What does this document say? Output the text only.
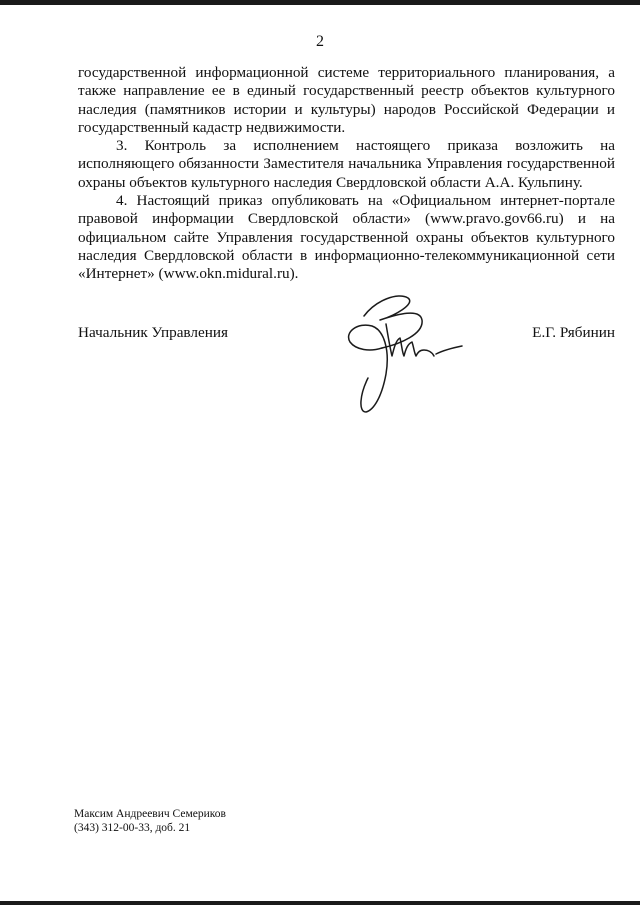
2

государственной информационной системе территориального планирования, а также направление ее в единый государственный реестр объектов культурного наследия (памятников истории и культуры) народов Российской Федерации и государственный кадастр недвижимости.

3. Контроль за исполнением настоящего приказа возложить на исполняющего обязанности Заместителя начальника Управления государственной охраны объектов культурного наследия Свердловской области А.А. Кульпину.

4. Настоящий приказ опубликовать на «Официальном интернет-портале правовой информации Свердловской области» (www.pravo.gov66.ru) и на официальном сайте Управления государственной охраны объектов культурного наследия Свердловской области в информационно-телекоммуникационной сети «Интернет» (www.okn.midural.ru).

Начальник Управления	Е.Г. Рябинин
Максим Андреевич Семериков
(343) 312-00-33, доб. 21
